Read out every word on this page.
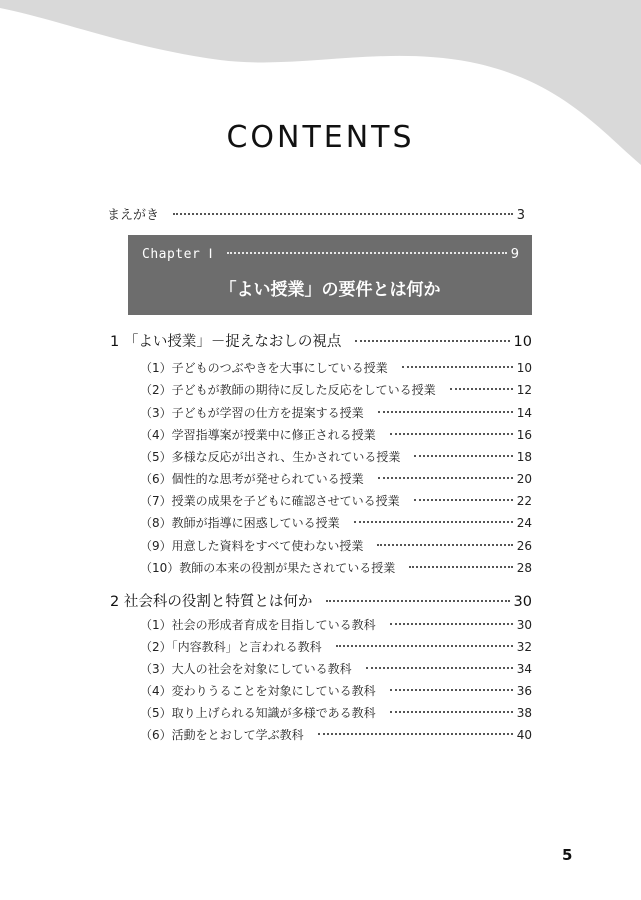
CONTENTS
まえがき	3
Chapter Ⅰ	9
「よい授業」の要件とは何か
1 「よい授業」－捉えなおしの視点	10
（1）子どものつぶやきを大事にしている授業	10
（2）子どもが教師の期待に反した反応をしている授業	12
（3）子どもが学習の仕方を提案する授業	14
（4）学習指導案が授業中に修正される授業	16
（5）多様な反応が出され、生かされている授業	18
（6）個性的な思考が発せられている授業	20
（7）授業の成果を子どもに確認させている授業	22
（8）教師が指導に困惑している授業	24
（9）用意した資料をすべて使わない授業	26
（10）教師の本来の役割が果たされている授業	28
2 社会科の役割と特質とは何か	30
（1）社会の形成者育成を目指している教科	30
（2）「内容教科」と言われる教科	32
（3）大人の社会を対象にしている教科	34
（4）変わりうることを対象にしている教科	36
（5）取り上げられる知識が多様である教科	38
（6）活動をとおして学ぶ教科	40
5
